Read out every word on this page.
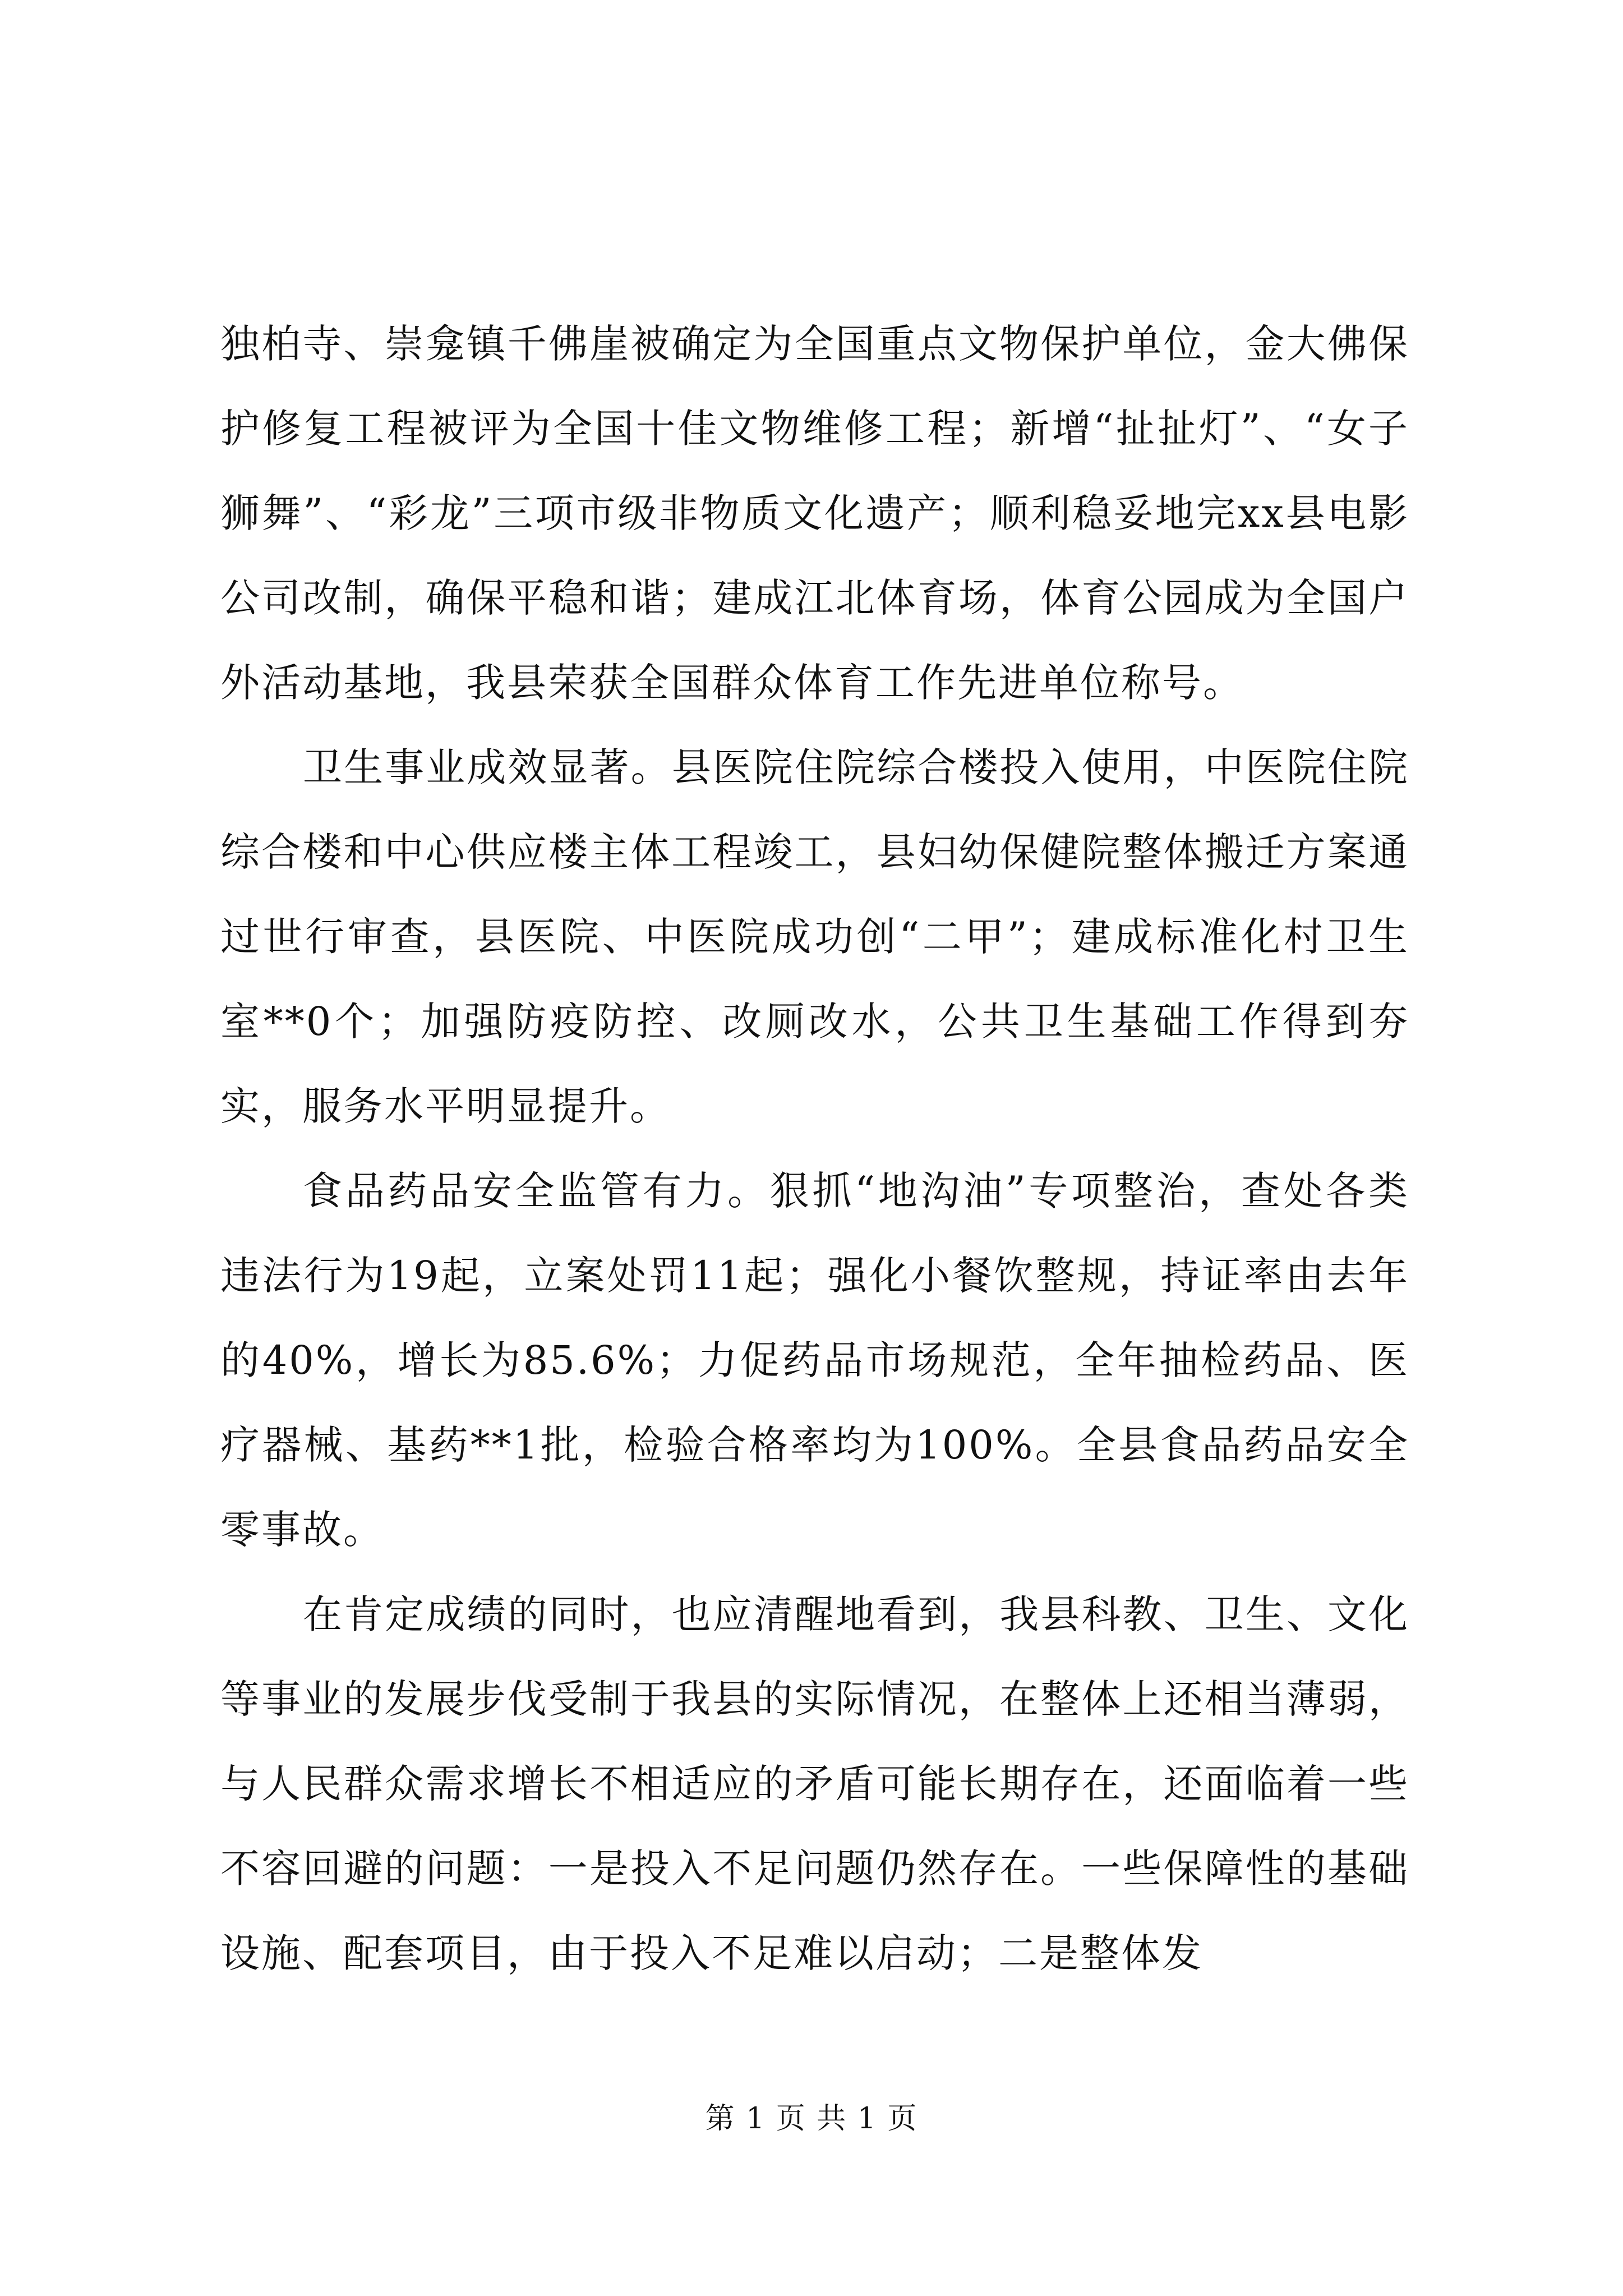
独柏寺、崇龛镇千佛崖被确定为全国重点文物保护单位，金大佛保护修复工程被评为全国十佳文物维修工程；新增“扯扯灯”、“女子狮舞”、“彩龙”三项市级非物质文化遗产；顺利稳妥地完xx县电影公司改制，确保平稳和谐；建成江北体育场，体育公园成为全国户外活动基地，我县荣获全国群众体育工作先进单位称号。

卫生事业成效显著。县医院住院综合楼投入使用，中医院住院综合楼和中心供应楼主体工程竣工，县妇幼保健院整体搬迁方案通过世行审查，县医院、中医院成功创“二甲”；建成标准化村卫生室**0个；加强防疫防控、改厕改水，公共卫生基础工作得到夯实，服务水平明显提升。

食品药品安全监管有力。狠抓“地沟油”专项整治，查处各类违法行为19起，立案处罚11起；强化小餐饮整规，持证率由去年的40%，增长为85.6%；力促药品市场规范，全年抽检药品、医疗器械、基药**1批，检验合格率均为100%。全县食品药品安全零事故。

在肯定成绩的同时，也应清醒地看到，我县科教、卫生、文化等事业的发展步伐受制于我县的实际情况，在整体上还相当薄弱，与人民群众需求增长不相适应的矛盾可能长期存在，还面临着一些不容回避的问题：一是投入不足问题仍然存在。一些保障性的基础设施、配套项目，由于投入不足难以启动；二是整体发

第 1 页 共 1 页
